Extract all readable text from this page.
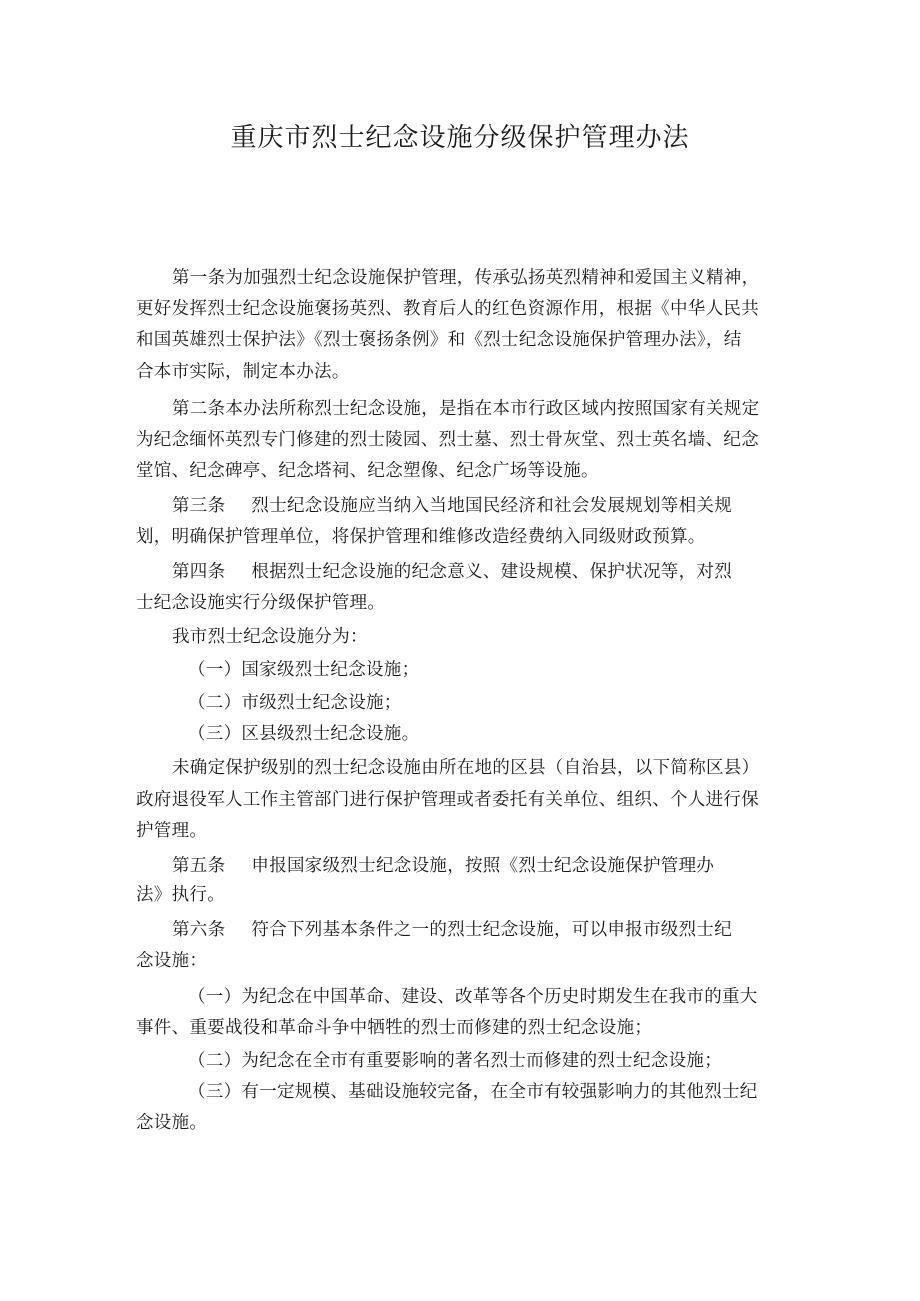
重庆市烈士纪念设施分级保护管理办法
第一条为加强烈士纪念设施保护管理，传承弘扬英烈精神和爱国主义精神，
更好发挥烈士纪念设施褒扬英烈、教育后人的红色资源作用，根据《中华人民共
和国英雄烈士保护法》《烈士褒扬条例》和《烈士纪念设施保护管理办法》，结
合本市实际，制定本办法。
第二条本办法所称烈士纪念设施，是指在本市行政区域内按照国家有关规定
为纪念缅怀英烈专门修建的烈士陵园、烈士墓、烈士骨灰堂、烈士英名墙、纪念
堂馆、纪念碑亭、纪念塔祠、纪念塑像、纪念广场等设施。
第三条 烈士纪念设施应当纳入当地国民经济和社会发展规划等相关规
划，明确保护管理单位，将保护管理和维修改造经费纳入同级财政预算。
第四条 根据烈士纪念设施的纪念意义、建设规模、保护状况等，对烈
士纪念设施实行分级保护管理。
我市烈士纪念设施分为：
（一）国家级烈士纪念设施；
（二）市级烈士纪念设施；
（三）区县级烈士纪念设施。
未确定保护级别的烈士纪念设施由所在地的区县（自治县，以下简称区县）
政府退役军人工作主管部门进行保护管理或者委托有关单位、组织、个人进行保
护管理。
第五条 申报国家级烈士纪念设施，按照《烈士纪念设施保护管理办
法》执行。
第六条 符合下列基本条件之一的烈士纪念设施，可以申报市级烈士纪
念设施：
（一）为纪念在中国革命、建设、改革等各个历史时期发生在我市的重大
事件、重要战役和革命斗争中牺牲的烈士而修建的烈士纪念设施；
（二）为纪念在全市有重要影响的著名烈士而修建的烈士纪念设施；
（三）有一定规模、基础设施较完备，在全市有较强影响力的其他烈士纪
念设施。
